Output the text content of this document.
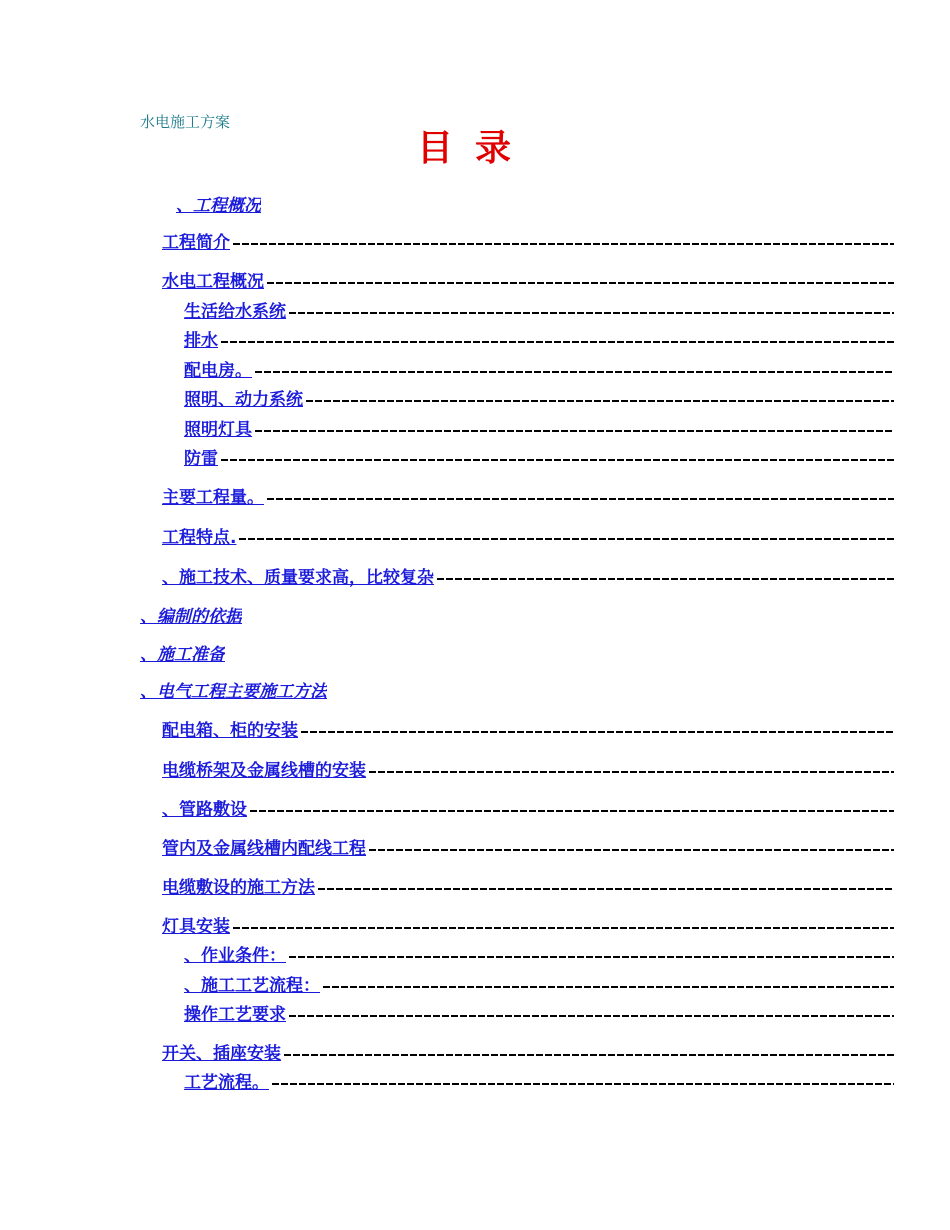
水电施工方案
目录
、工程概况
工程简介
水电工程概况
生活给水系统
排水
配电房。
照明、动力系统
照明灯具
防雷
主要工程量。
工程特点.
、施工技术、质量要求高，比较复杂
、编制的依据
、施工准备
、电气工程主要施工方法
配电箱、柜的安装
电缆桥架及金属线槽的安装
、管路敷设
管内及金属线槽内配线工程
电缆敷设的施工方法
灯具安装
、作业条件：
、施工工艺流程：
操作工艺要求
开关、插座安装
工艺流程。
